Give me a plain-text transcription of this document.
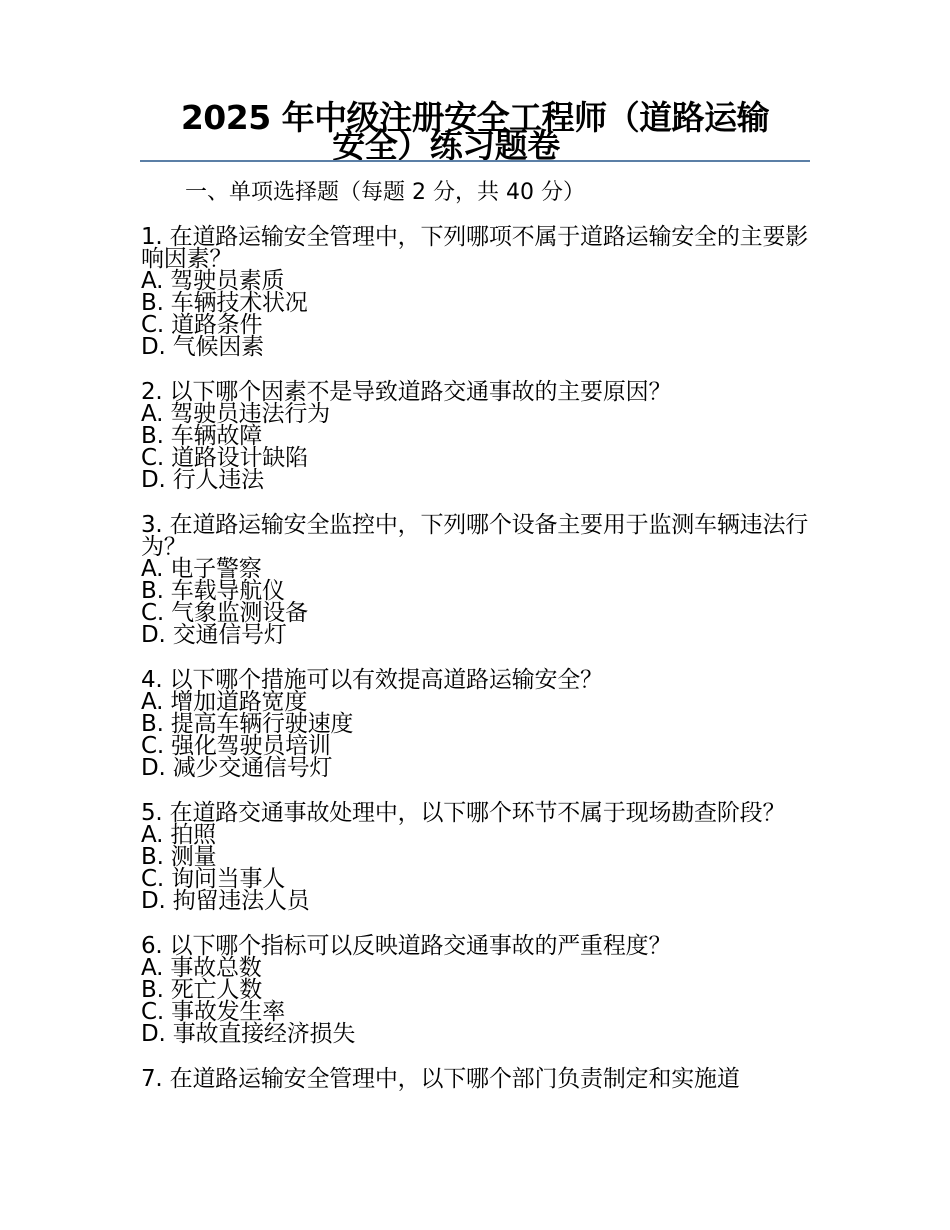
2025 年中级注册安全工程师（道路运输
安全）练习题卷
一、单项选择题（每题 2 分，共 40 分）
1. 在道路运输安全管理中，下列哪项不属于道路运输安全的主要影响因素？
A. 驾驶员素质
B. 车辆技术状况
C. 道路条件
D. 气候因素
2. 以下哪个因素不是导致道路交通事故的主要原因？
A. 驾驶员违法行为
B. 车辆故障
C. 道路设计缺陷
D. 行人违法
3. 在道路运输安全监控中，下列哪个设备主要用于监测车辆违法行为？
A. 电子警察
B. 车载导航仪
C. 气象监测设备
D. 交通信号灯
4. 以下哪个措施可以有效提高道路运输安全？
A. 增加道路宽度
B. 提高车辆行驶速度
C. 强化驾驶员培训
D. 减少交通信号灯
5. 在道路交通事故处理中，以下哪个环节不属于现场勘查阶段？
A. 拍照
B. 测量
C. 询问当事人
D. 拘留违法人员
6. 以下哪个指标可以反映道路交通事故的严重程度？
A. 事故总数
B. 死亡人数
C. 事故发生率
D. 事故直接经济损失
7. 在道路运输安全管理中，以下哪个部门负责制定和实施道
